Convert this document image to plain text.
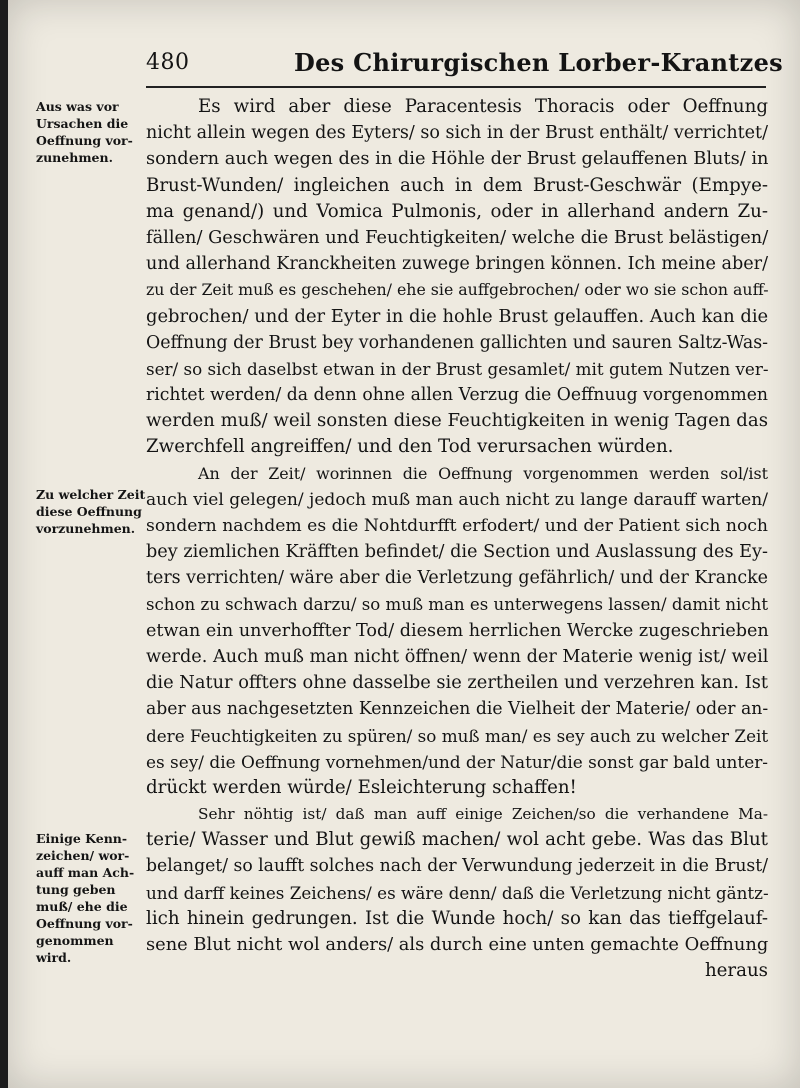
480	Des Chirurgischen Lorber-Krantzes
Aus was vor
Ursachen die
Oeffnung vor-
zunehmen.
Zu welcher Zeit
diese Oeffnung
vorzunehmen.
Einige Kenn-
zeichen/ wor-
auff man Ach-
tung geben
muß/ ehe die
Oeffnung vor-
genommen
wird.
Es wird aber diese Paracentesis Thoracis oder Oeffnung
nicht allein wegen des Eyters/ so sich in der Brust enthält/ verrichtet/
sondern auch wegen des in die Höhle der Brust gelauffenen Bluts/ in
Brust-Wunden/ ingleichen auch in dem Brust-Geschwär (Empye-
ma genand/) und Vomica Pulmonis, oder in allerhand andern Zu-
fällen/ Geschwären und Feuchtigkeiten/ welche die Brust belästigen/
und allerhand Kranckheiten zuwege bringen können. Ich meine aber/
zu der Zeit muß es geschehen/ ehe sie auffgebrochen/ oder wo sie schon auff-
gebrochen/ und der Eyter in die hohle Brust gelauffen. Auch kan die
Oeffnung der Brust bey vorhandenen gallichten und sauren Saltz-Was-
ser/ so sich daselbst etwan in der Brust gesamlet/ mit gutem Nutzen ver-
richtet werden/ da denn ohne allen Verzug die Oeffnuug vorgenommen
werden muß/ weil sonsten diese Feuchtigkeiten in wenig Tagen das
Zwerchfell angreiffen/ und den Tod verursachen würden.
An der Zeit/ worinnen die Oeffnung vorgenommen werden sol/ist
auch viel gelegen/ jedoch muß man auch nicht zu lange darauff warten/
sondern nachdem es die Nohtdurfft erfodert/ und der Patient sich noch
bey ziemlichen Kräfften befindet/ die Section und Auslassung des Ey-
ters verrichten/ wäre aber die Verletzung gefährlich/ und der Krancke
schon zu schwach darzu/ so muß man es unterwegens lassen/ damit nicht
etwan ein unverhoffter Tod/ diesem herrlichen Wercke zugeschrieben
werde. Auch muß man nicht öffnen/ wenn der Materie wenig ist/ weil
die Natur offters ohne dasselbe sie zertheilen und verzehren kan. Ist
aber aus nachgesetzten Kennzeichen die Vielheit der Materie/ oder an-
dere Feuchtigkeiten zu spüren/ so muß man/ es sey auch zu welcher Zeit
es sey/ die Oeffnung vornehmen/und der Natur/die sonst gar bald unter-
drückt werden würde/ Esleichterung schaffen!
Sehr nöhtig ist/ daß man auff einige Zeichen/so die verhandene Ma-
terie/ Wasser und Blut gewiß machen/ wol acht gebe. Was das Blut
belanget/ so laufft solches nach der Verwundung jederzeit in die Brust/
und darff keines Zeichens/ es wäre denn/ daß die Verletzung nicht gäntz-
lich hinein gedrungen. Ist die Wunde hoch/ so kan das tieffgelauf-
sene Blut nicht wol anders/ als durch eine unten gemachte Oeffnung
heraus
